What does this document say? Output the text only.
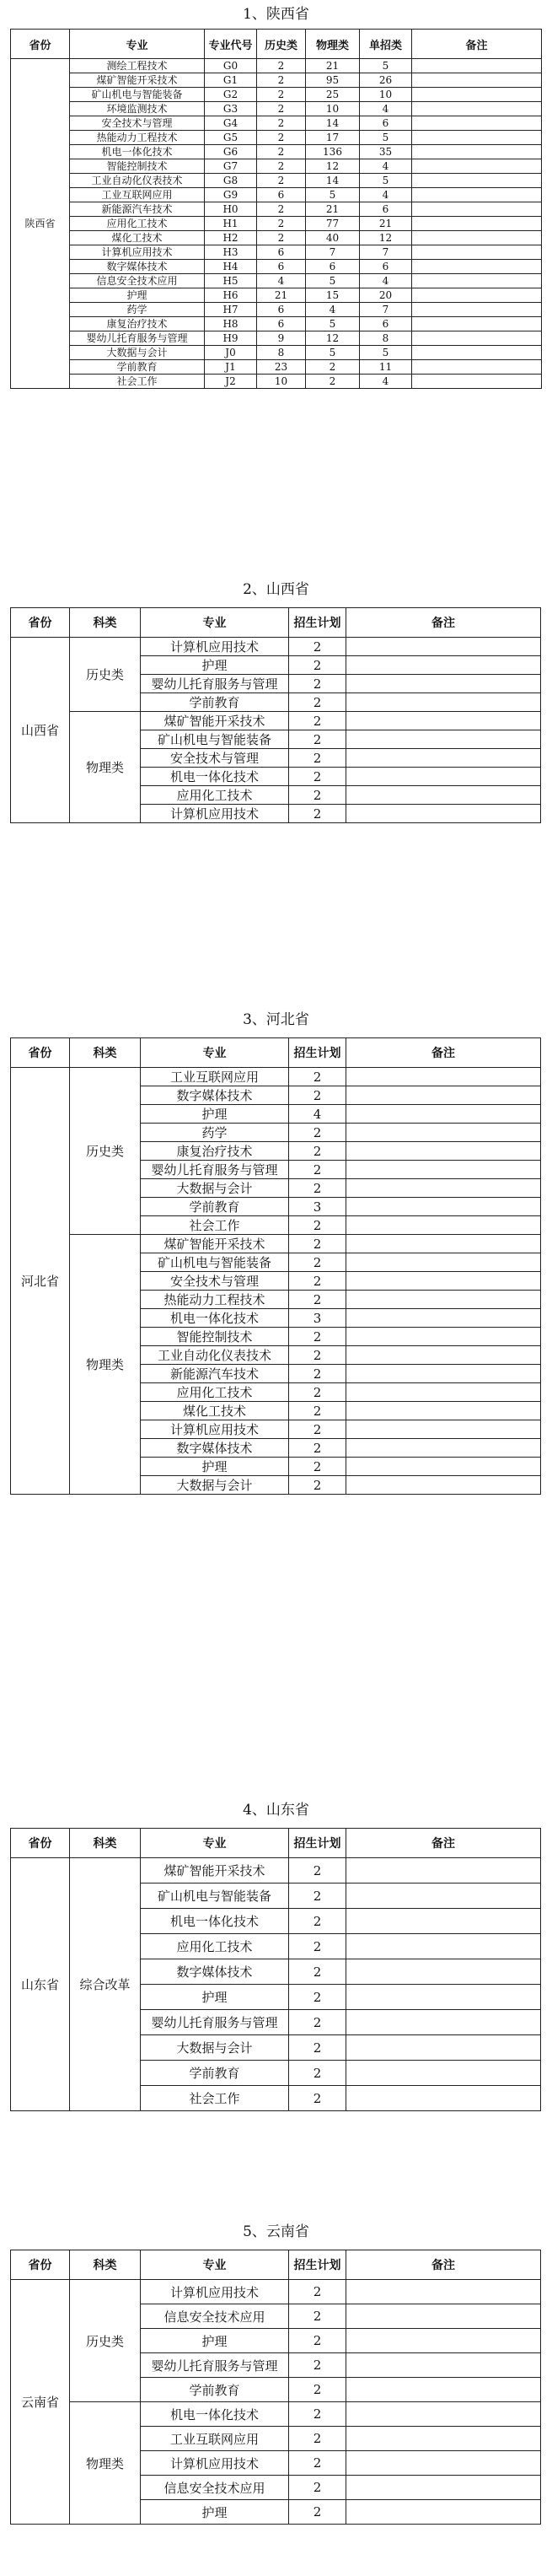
1、陕西省
省份	专业	专业代号	历史类	物理类	单招类	备注
陕西省	测绘工程技术	G0	2	21	5	
	煤矿智能开采技术	G1	2	95	26	
	矿山机电与智能装备	G2	2	25	10	
	环境监测技术	G3	2	10	4	
	安全技术与管理	G4	2	14	6	
	热能动力工程技术	G5	2	17	5	
	机电一体化技术	G6	2	136	35	
	智能控制技术	G7	2	12	4	
	工业自动化仪表技术	G8	2	14	5	
	工业互联网应用	G9	6	5	4	
	新能源汽车技术	H0	2	21	6	
	应用化工技术	H1	2	77	21	
	煤化工技术	H2	2	40	12	
	计算机应用技术	H3	6	7	7	
	数字媒体技术	H4	6	6	6	
	信息安全技术应用	H5	4	5	4	
	护理	H6	21	15	20	
	药学	H7	6	4	7	
	康复治疗技术	H8	6	5	6	
	婴幼儿托育服务与管理	H9	9	12	8	
	大数据与会计	J0	8	5	5	
	学前教育	J1	23	2	11	
	社会工作	J2	10	2	4	
2、山西省
省份	科类	专业	招生计划	备注
山西省	历史类	计算机应用技术	2	
		护理	2	
		婴幼儿托育服务与管理	2	
		学前教育	2	
	物理类	煤矿智能开采技术	2	
		矿山机电与智能装备	2	
		安全技术与管理	2	
		机电一体化技术	2	
		应用化工技术	2	
		计算机应用技术	2	
3、河北省
省份	科类	专业	招生计划	备注
河北省	历史类	工业互联网应用	2	
		数字媒体技术	2	
		护理	4	
		药学	2	
		康复治疗技术	2	
		婴幼儿托育服务与管理	2	
		大数据与会计	2	
		学前教育	3	
		社会工作	2	
	物理类	煤矿智能开采技术	2	
		矿山机电与智能装备	2	
		安全技术与管理	2	
		热能动力工程技术	2	
		机电一体化技术	3	
		智能控制技术	2	
		工业自动化仪表技术	2	
		新能源汽车技术	2	
		应用化工技术	2	
		煤化工技术	2	
		计算机应用技术	2	
		数字媒体技术	2	
		护理	2	
		大数据与会计	2	
4、山东省
省份	科类	专业	招生计划	备注
山东省	综合改革	煤矿智能开采技术	2	
		矿山机电与智能装备	2	
		机电一体化技术	2	
		应用化工技术	2	
		数字媒体技术	2	
		护理	2	
		婴幼儿托育服务与管理	2	
		大数据与会计	2	
		学前教育	2	
		社会工作	2	
5、云南省
省份	科类	专业	招生计划	备注
云南省	历史类	计算机应用技术	2	
		信息安全技术应用	2	
		护理	2	
		婴幼儿托育服务与管理	2	
		学前教育	2	
	物理类	机电一体化技术	2	
		工业互联网应用	2	
		计算机应用技术	2	
		信息安全技术应用	2	
		护理	2	
